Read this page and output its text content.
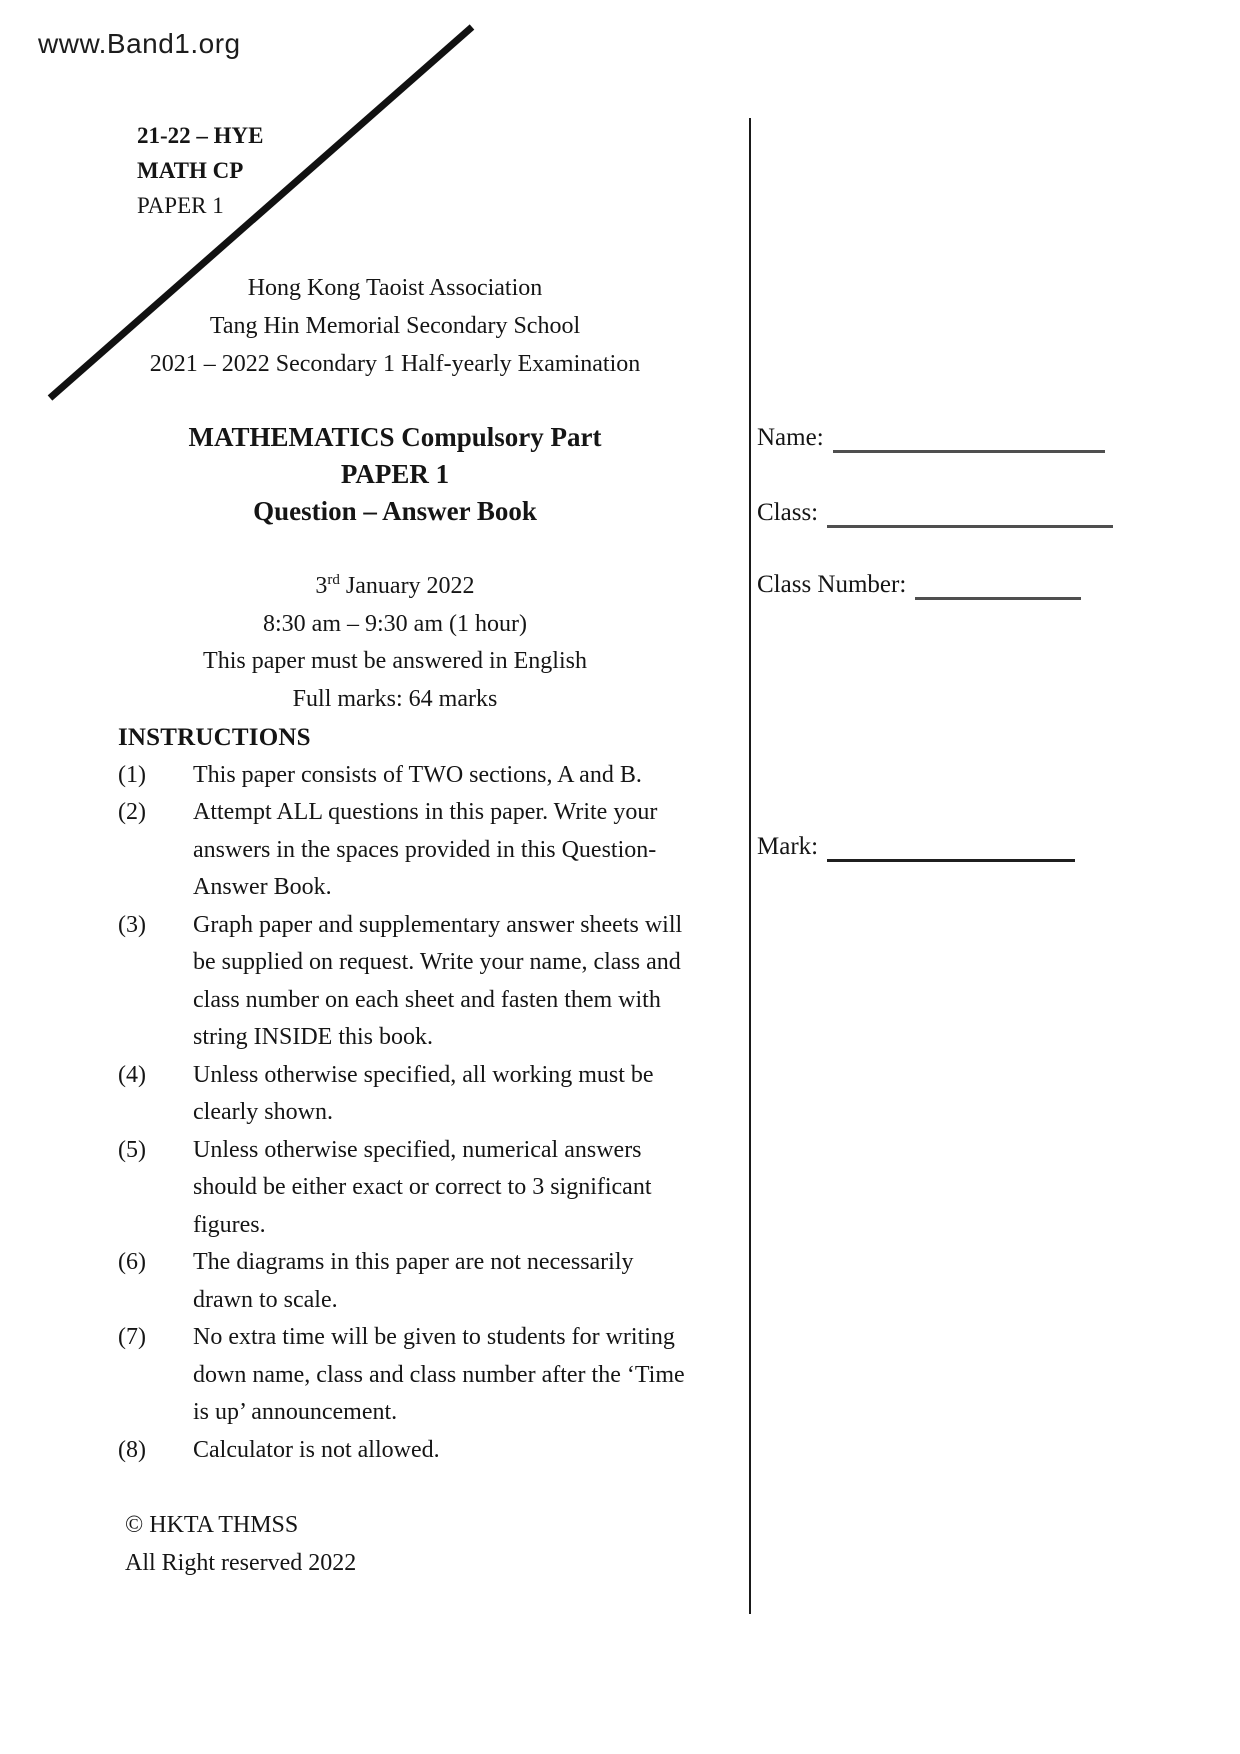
www.Band1.org
21-22 – HYE
MATH CP
PAPER 1
Hong Kong Taoist Association
Tang Hin Memorial Secondary School
2021 – 2022 Secondary 1 Half-yearly Examination
MATHEMATICS Compulsory Part
PAPER 1
Question – Answer Book
3rd January 2022
8:30 am – 9:30 am (1 hour)
This paper must be answered in English
Full marks: 64 marks
INSTRUCTIONS
(1)	This paper consists of TWO sections, A and B.
(2)	Attempt ALL questions in this paper. Write your answers in the spaces provided in this Question-Answer Book.
(3)	Graph paper and supplementary answer sheets will be supplied on request. Write your name, class and class number on each sheet and fasten them with string INSIDE this book.
(4)	Unless otherwise specified, all working must be clearly shown.
(5)	Unless otherwise specified, numerical answers should be either exact or correct to 3 significant figures.
(6)	The diagrams in this paper are not necessarily drawn to scale.
(7)	No extra time will be given to students for writing down name, class and class number after the ‘Time is up’ announcement.
(8)	Calculator is not allowed.
© HKTA THMSS
All Right reserved 2022
Name:
Class:
Class Number:
Mark:
